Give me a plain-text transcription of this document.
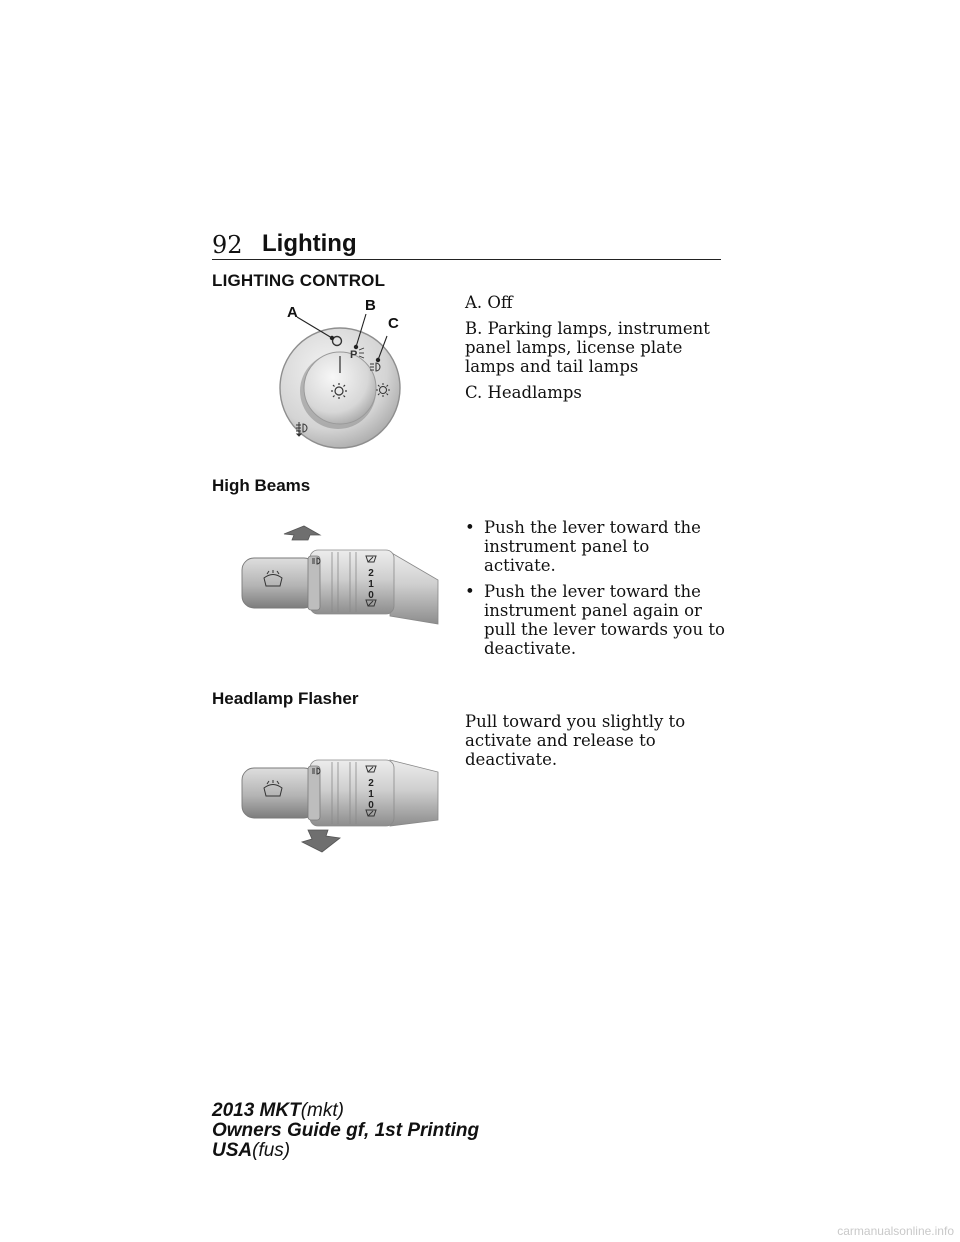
92 Lighting
LIGHTING CONTROL
P
A	B
C
A. Off
B. Parking lamps, instrument panel lamps, license plate lamps and tail lamps
C. Headlamps
High Beams
2
1
0
• Push the lever toward the instrument panel to activate.
• Push the lever toward the instrument panel again or pull the lever towards you to deactivate.
Headlamp Flasher
Pull toward you slightly to activate and release to deactivate.
2
1
0
2013 MKT(mkt)
Owners Guide gf, 1st Printing
USA(fus)
carmanualsonline.info
